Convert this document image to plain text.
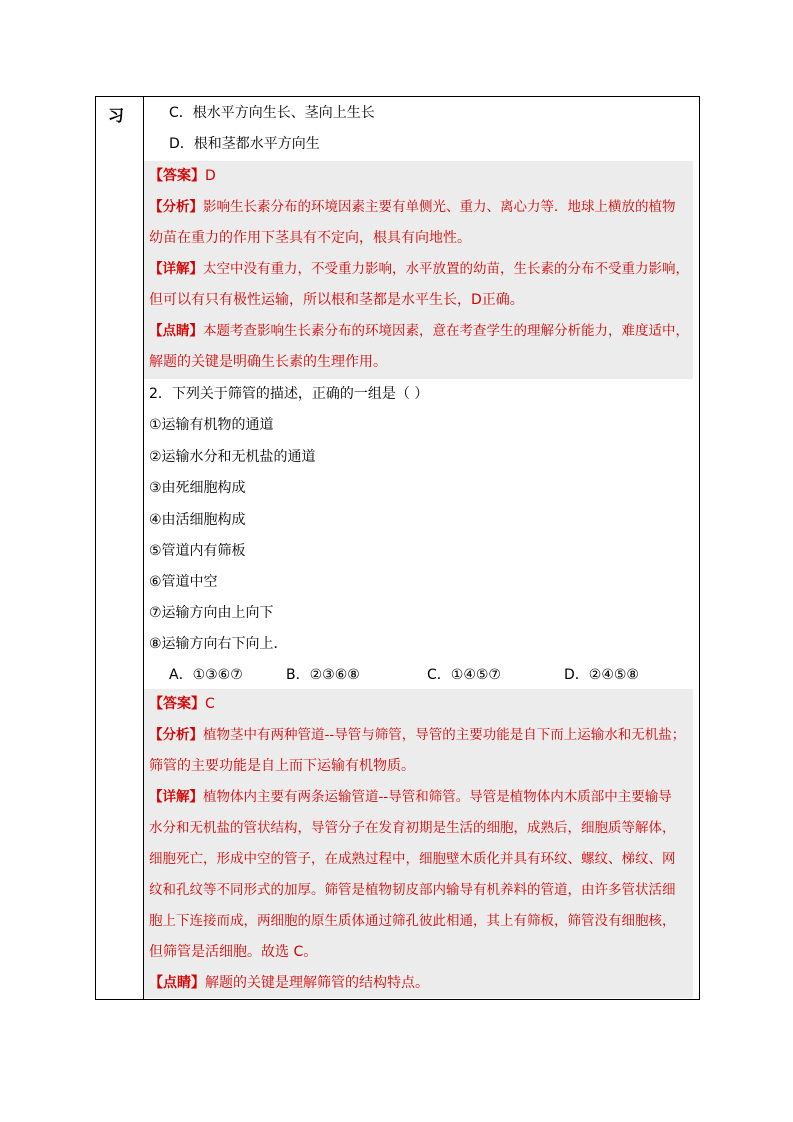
习	C．根水平方向生长、茎向上生长
D．根和茎都水平方向生
【答案】D
【分析】影响生长素分布的环境因素主要有单侧光、重力、离心力等．地球上横放的植物
幼苗在重力的作用下茎具有不定向，根具有向地性。
【详解】太空中没有重力，不受重力影响，水平放置的幼苗，生长素的分布不受重力影响，
但可以有只有极性运输，所以根和茎都是水平生长，D正确。
【点睛】本题考查影响生长素分布的环境因素，意在考查学生的理解分析能力，难度适中，
解题的关键是明确生长素的生理作用。
2．下列关于筛管的描述，正确的一组是（ ）
①运输有机物的通道
②运输水分和无机盐的通道
③由死细胞构成
④由活细胞构成
⑤管道内有筛板
⑥管道中空
⑦运输方向由上向下
⑧运输方向右下向上．
A．①③⑥⑦	B．②③⑥⑧	C．①④⑤⑦	D．②④⑤⑧
【答案】C
【分析】植物茎中有两种管道--导管与筛管，导管的主要功能是自下而上运输水和无机盐；
筛管的主要功能是自上而下运输有机物质。
【详解】植物体内主要有两条运输管道--导管和筛管。导管是植物体内木质部中主要输导
水分和无机盐的管状结构，导管分子在发育初期是生活的细胞，成熟后，细胞质等解体，
细胞死亡，形成中空的管子，在成熟过程中，细胞壁木质化并具有环纹、螺纹、梯纹、网
纹和孔纹等不同形式的加厚。筛管是植物韧皮部内输导有机养料的管道，由许多管状活细
胞上下连接而成，两细胞的原生质体通过筛孔彼此相通，其上有筛板，筛管没有细胞核，
但筛管是活细胞。故选 C。
【点睛】解题的关键是理解筛管的结构特点。
